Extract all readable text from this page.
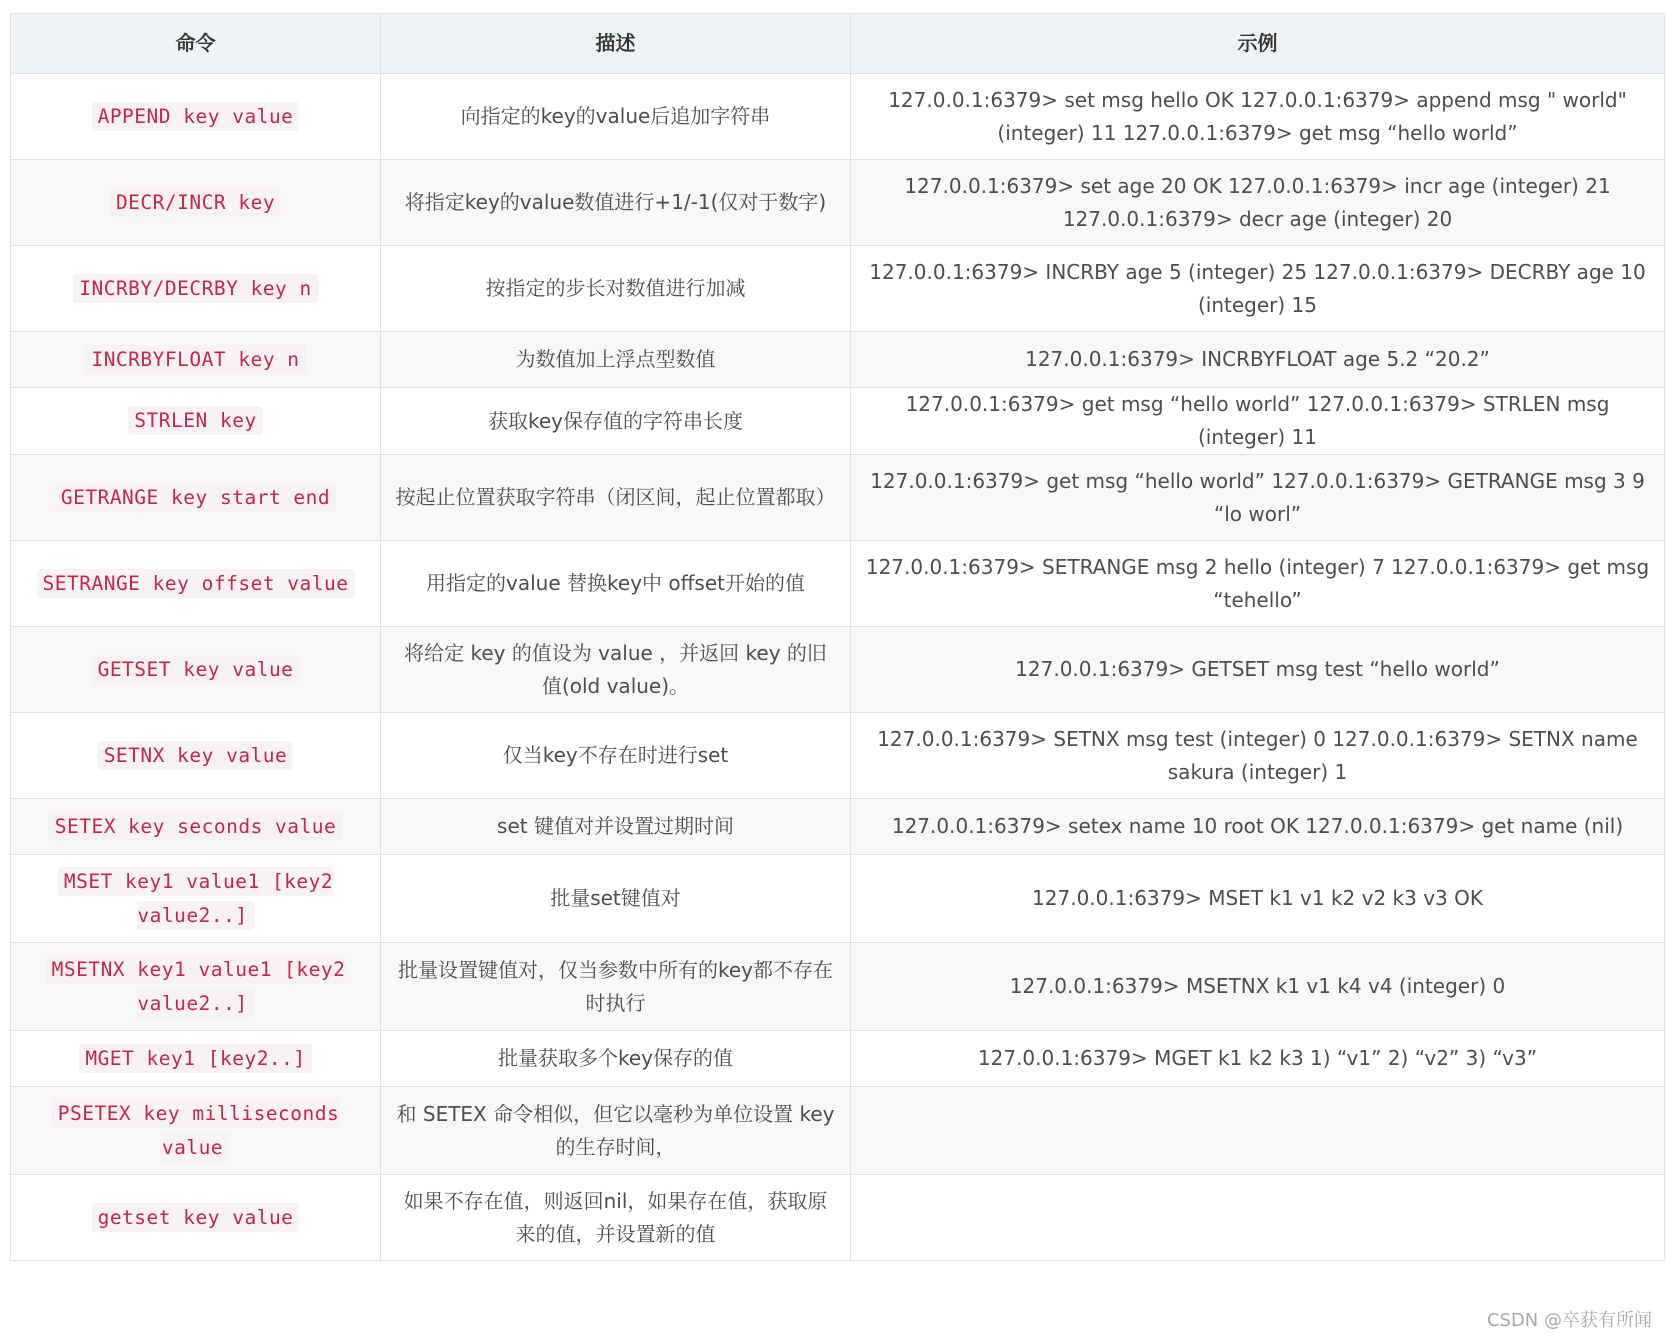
命令	描述	示例
APPEND key value	向指定的key的value后追加字符串	127.0.0.1:6379> set msg hello OK 127.0.0.1:6379> append msg " world" (integer) 11 127.0.0.1:6379> get msg “hello world”
DECR/INCR key	将指定key的value数值进行+1/-1(仅对于数字)	127.0.0.1:6379> set age 20 OK 127.0.0.1:6379> incr age (integer) 21 127.0.0.1:6379> decr age (integer) 20
INCRBY/DECRBY key n	按指定的步长对数值进行加减	127.0.0.1:6379> INCRBY age 5 (integer) 25 127.0.0.1:6379> DECRBY age 10 (integer) 15
INCRBYFLOAT key n	为数值加上浮点型数值	127.0.0.1:6379> INCRBYFLOAT age 5.2 “20.2”
STRLEN key	获取key保存值的字符串长度	127.0.0.1:6379> get msg “hello world” 127.0.0.1:6379> STRLEN msg (integer) 11
GETRANGE key start end	按起止位置获取字符串（闭区间，起止位置都取）	127.0.0.1:6379> get msg “hello world” 127.0.0.1:6379> GETRANGE msg 3 9 “lo worl”
SETRANGE key offset value	用指定的value 替换key中 offset开始的值	127.0.0.1:6379> SETRANGE msg 2 hello (integer) 7 127.0.0.1:6379> get msg “tehello”
GETSET key value	将给定 key 的值设为 value ，并返回 key 的旧值(old value)。	127.0.0.1:6379> GETSET msg test “hello world”
SETNX key value	仅当key不存在时进行set	127.0.0.1:6379> SETNX msg test (integer) 0 127.0.0.1:6379> SETNX name sakura (integer) 1
SETEX key seconds value	set 键值对并设置过期时间	127.0.0.1:6379> setex name 10 root OK 127.0.0.1:6379> get name (nil)
MSET key1 value1 [key2 value2..]	批量set键值对	127.0.0.1:6379> MSET k1 v1 k2 v2 k3 v3 OK
MSETNX key1 value1 [key2 value2..]	批量设置键值对，仅当参数中所有的key都不存在时执行	127.0.0.1:6379> MSETNX k1 v1 k4 v4 (integer) 0
MGET key1 [key2..]	批量获取多个key保存的值	127.0.0.1:6379> MGET k1 k2 k3 1) “v1” 2) “v2” 3) “v3”
PSETEX key milliseconds value	和 SETEX 命令相似，但它以毫秒为单位设置 key 的生存时间，	
getset key value	如果不存在值，则返回nil，如果存在值，获取原来的值，并设置新的值	
CSDN @卒获有所闻
